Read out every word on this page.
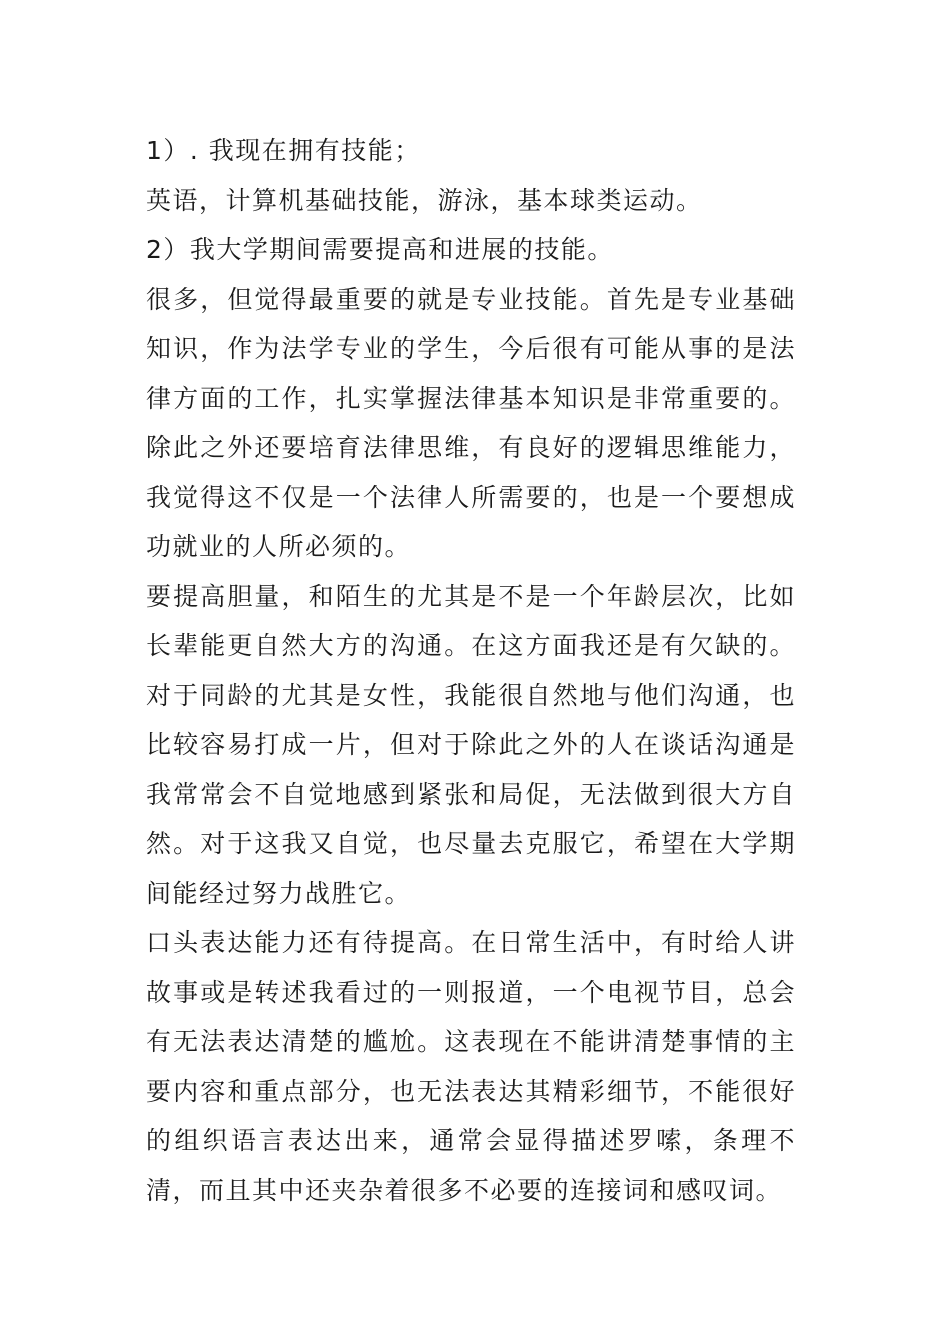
1）. 我现在拥有技能；

英语，计算机基础技能，游泳，基本球类运动。

2）我大学期间需要提高和进展的技能。

很多，但觉得最重要的就是专业技能。首先是专业基础知识，作为法学专业的学生，今后很有可能从事的是法律方面的工作，扎实掌握法律基本知识是非常重要的。除此之外还要培育法律思维，有良好的逻辑思维能力，我觉得这不仅是一个法律人所需要的，也是一个要想成功就业的人所必须的。

要提高胆量，和陌生的尤其是不是一个年龄层次，比如长辈能更自然大方的沟通。在这方面我还是有欠缺的。对于同龄的尤其是女性，我能很自然地与他们沟通，也比较容易打成一片，但对于除此之外的人在谈话沟通是我常常会不自觉地感到紧张和局促，无法做到很大方自然。对于这我又自觉，也尽量去克服它，希望在大学期间能经过努力战胜它。

口头表达能力还有待提高。在日常生活中，有时给人讲故事或是转述我看过的一则报道，一个电视节目，总会有无法表达清楚的尴尬。这表现在不能讲清楚事情的主要内容和重点部分，也无法表达其精彩细节，不能很好的组织语言表达出来，通常会显得描述罗嗦，条理不清，而且其中还夹杂着很多不必要的连接词和感叹词。
